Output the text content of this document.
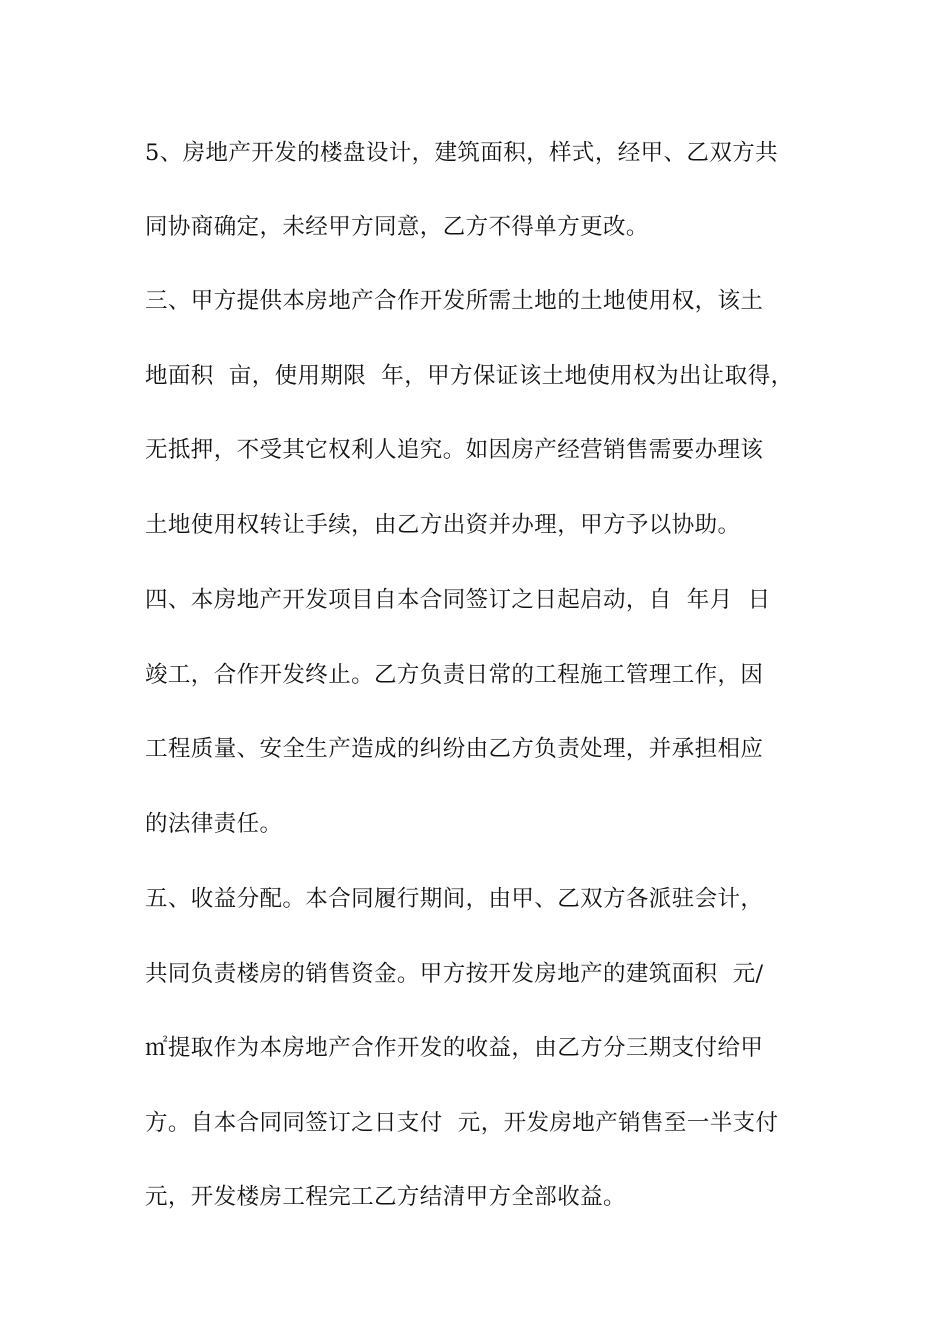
5、房地产开发的楼盘设计，建筑面积，样式，经甲、乙双方共
同协商确定，未经甲方同意，乙方不得单方更改。
三、甲方提供本房地产合作开发所需土地的土地使用权，该土
地面积  亩，使用期限  年，甲方保证该土地使用权为出让取得，
无抵押，不受其它权利人追究。如因房产经营销售需要办理该
土地使用权转让手续，由乙方出资并办理，甲方予以协助。
四、本房地产开发项目自本合同签订之日起启动，自  年月  日
竣工，合作开发终止。乙方负责日常的工程施工管理工作，因
工程质量、安全生产造成的纠纷由乙方负责处理，并承担相应
的法律责任。
五、收益分配。本合同履行期间，由甲、乙双方各派驻会计，
共同负责楼房的销售资金。甲方按开发房地产的建筑面积  元/
㎡提取作为本房地产合作开发的收益，由乙方分三期支付给甲
方。自本合同同签订之日支付  元，开发房地产销售至一半支付
元，开发楼房工程完工乙方结清甲方全部收益。
